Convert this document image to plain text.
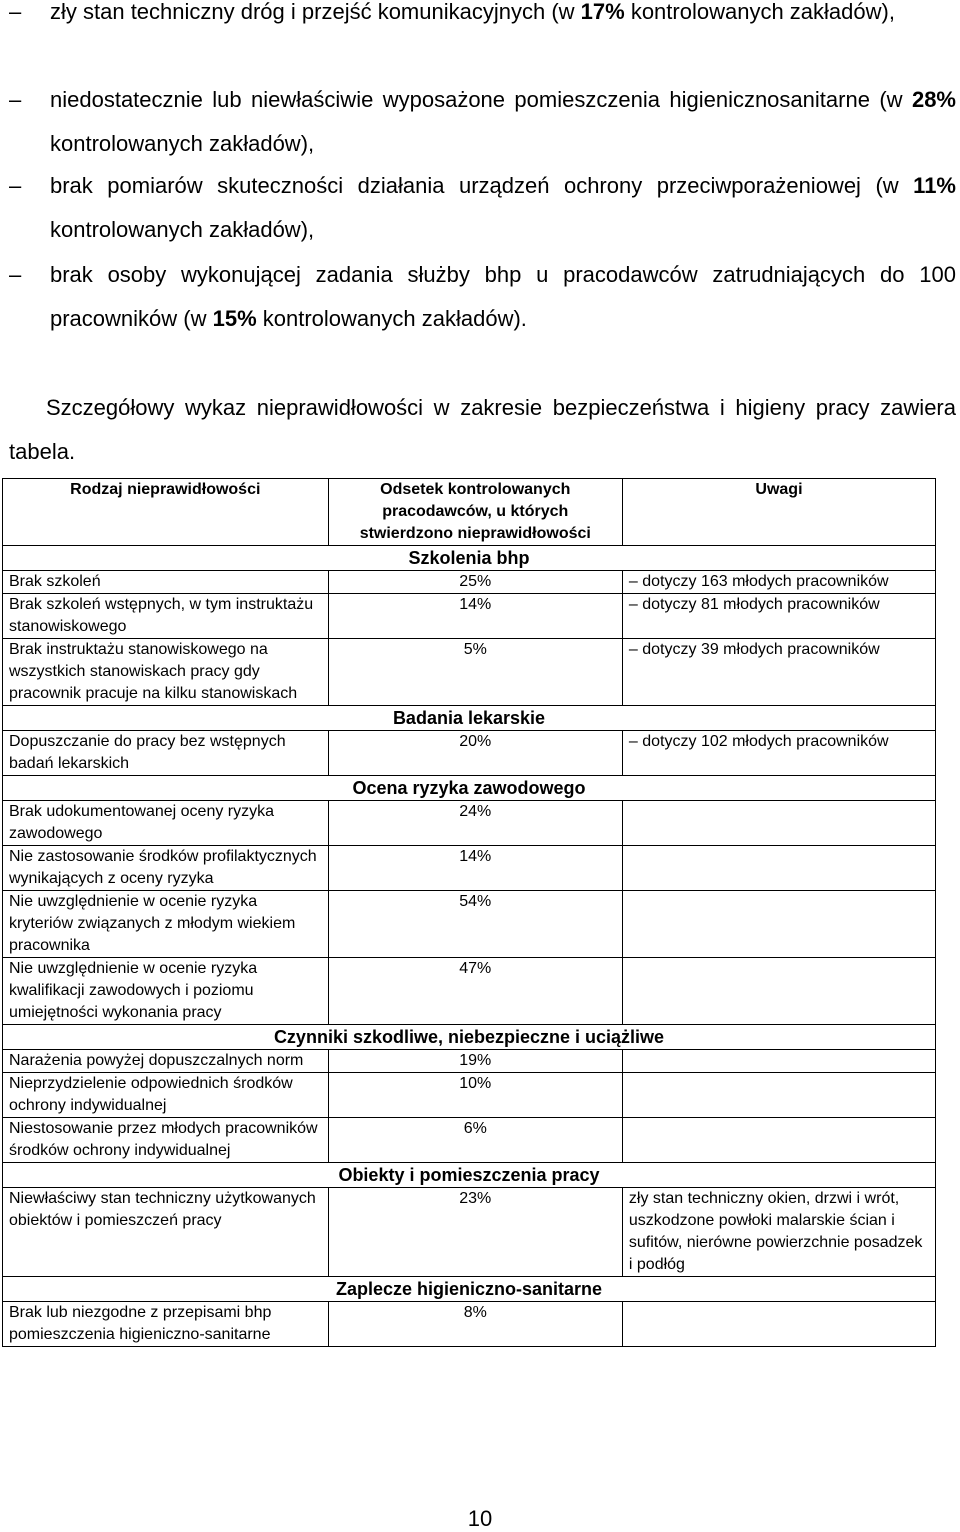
– zły stan techniczny dróg i przejść komunikacyjnych (w 17% kontrolowanych zakładów),
– niedostatecznie lub niewłaściwie wyposażone pomieszczenia higienicznosanitarne (w 28% kontrolowanych zakładów),
– brak pomiarów skuteczności działania urządzeń ochrony przeciwporażeniowej (w 11% kontrolowanych zakładów),
– brak osoby wykonującej zadania służby bhp u pracodawców zatrudniających do 100 pracowników (w 15% kontrolowanych zakładów).
Szczegółowy wykaz nieprawidłowości w zakresie bezpieczeństwa i higieny pracy zawiera tabela.
Rodzaj nieprawidłowości	Odsetek kontrolowanych pracodawców, u których stwierdzono nieprawidłowości	Uwagi
Szkolenia bhp		
Brak szkoleń	25%	– dotyczy 163 młodych pracowników
Brak szkoleń wstępnych, w tym instruktażu stanowiskowego	14%	– dotyczy 81 młodych pracowników
Brak instruktażu stanowiskowego na wszystkich stanowiskach pracy gdy pracownik pracuje na kilku stanowiskach	5%	– dotyczy 39 młodych pracowników
Badania lekarskie		
Dopuszczanie do pracy bez wstępnych badań lekarskich	20%	– dotyczy 102 młodych pracowników
Ocena ryzyka zawodowego		
Brak udokumentowanej oceny ryzyka zawodowego	24%	
Nie zastosowanie środków profilaktycznych wynikających z oceny ryzyka	14%	
Nie uwzględnienie w ocenie ryzyka kryteriów związanych z młodym wiekiem pracownika	54%	
Nie uwzględnienie w ocenie ryzyka kwalifikacji zawodowych i poziomu umiejętności wykonania pracy	47%	
Czynniki szkodliwe, niebezpieczne i uciążliwe		
Narażenia powyżej dopuszczalnych norm	19%	
Nieprzydzielenie odpowiednich środków ochrony indywidualnej	10%	
Niestosowanie przez młodych pracowników środków ochrony indywidualnej	6%	
Obiekty i pomieszczenia pracy		
Niewłaściwy stan techniczny użytkowanych obiektów i pomieszczeń pracy	23%	zły stan techniczny okien, drzwi i wrót, uszkodzone powłoki malarskie ścian i sufitów, nierówne powierzchnie posadzek i podłóg
Zaplecze higieniczno-sanitarne		
Brak lub niezgodne z przepisami bhp pomieszczenia higieniczno-sanitarne	8%	
10
